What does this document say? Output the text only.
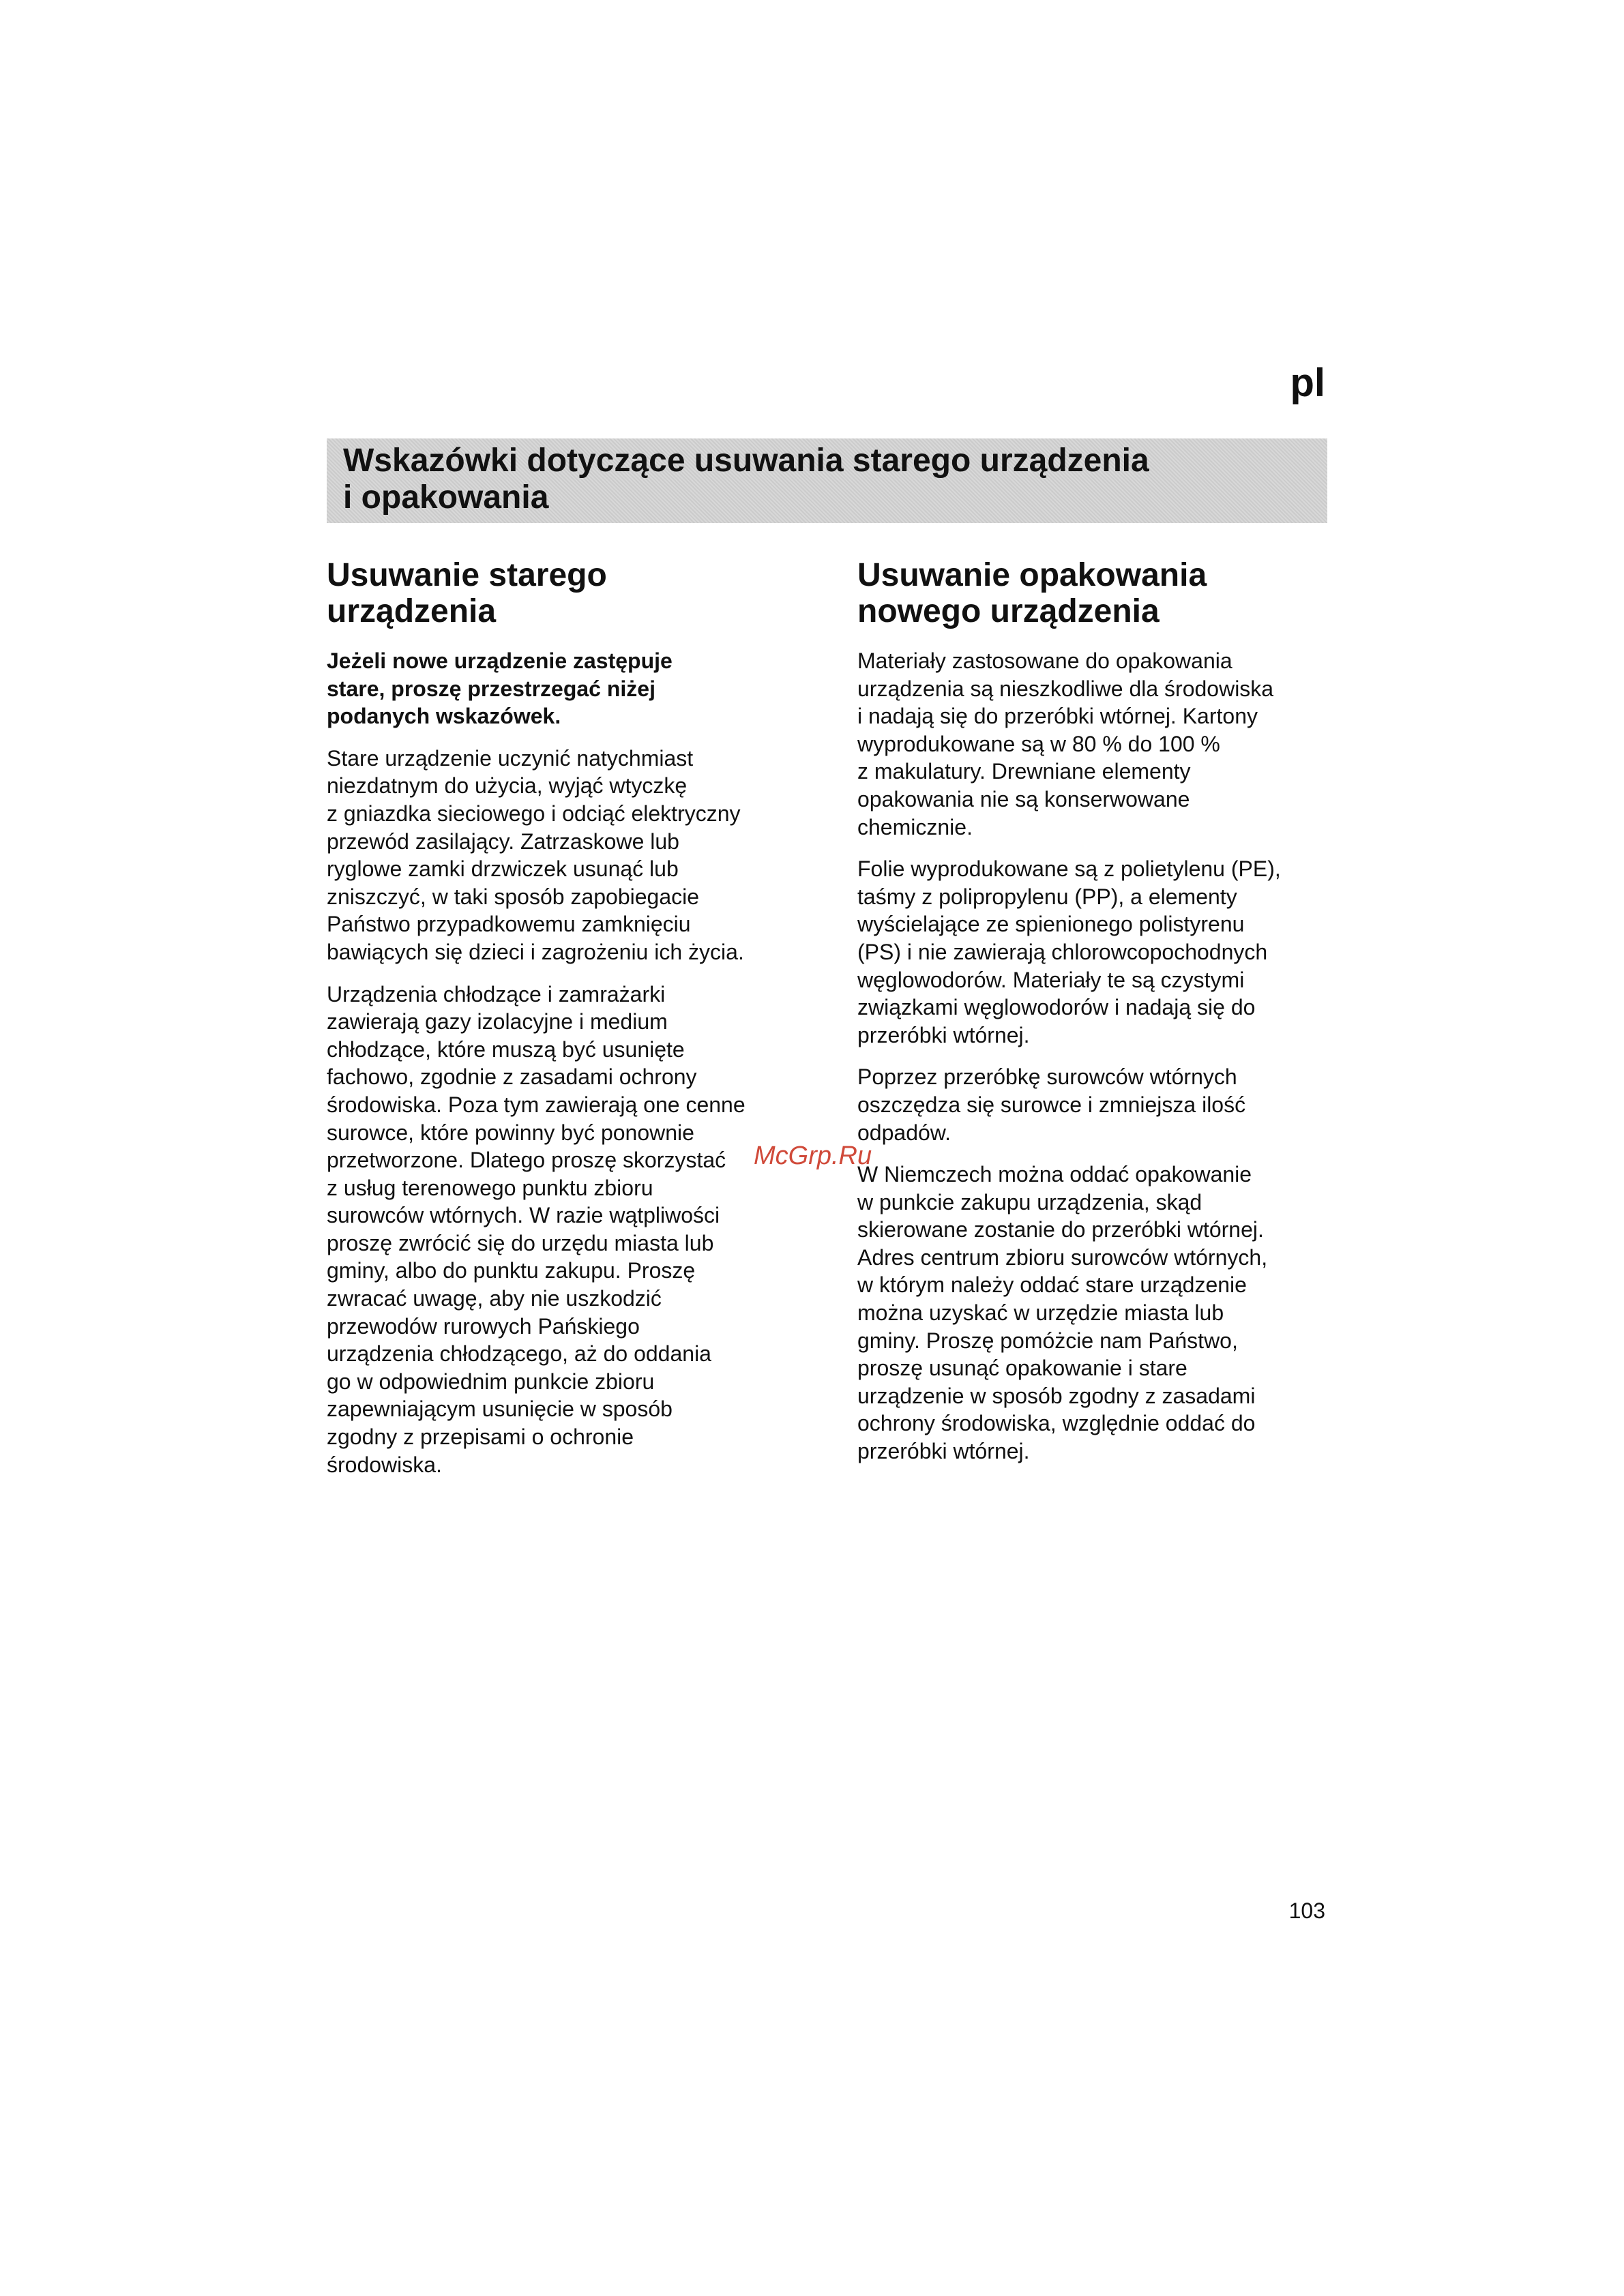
pl
Wskazówki dotyczące usuwania starego urządzenia
i opakowania
Usuwanie starego
urządzenia

Jeżeli nowe urządzenie zastępuje
stare, proszę przestrzegać niżej
podanych wskazówek.

Stare urządzenie uczynić natychmiast
niezdatnym do użycia, wyjąć wtyczkę
z gniazdka sieciowego i odciąć elektryczny
przewód zasilający. Zatrzaskowe lub
ryglowe zamki drzwiczek usunąć lub
zniszczyć, w taki sposób zapobiegacie
Państwo przypadkowemu zamknięciu
bawiących się dzieci i zagrożeniu ich życia.

Urządzenia chłodzące i zamrażarki
zawierają gazy izolacyjne i medium
chłodzące, które muszą być usunięte
fachowo, zgodnie z zasadami ochrony
środowiska. Poza tym zawierają one cenne
surowce, które powinny być ponownie
przetworzone. Dlatego proszę skorzystać
z usług terenowego punktu zbioru
surowców wtórnych. W razie wątpliwości
proszę zwrócić się do urzędu miasta lub
gminy, albo do punktu zakupu. Proszę
zwracać uwagę, aby nie uszkodzić
przewodów rurowych Pańskiego
urządzenia chłodzącego, aż do oddania
go w odpowiednim punkcie zbioru
zapewniającym usunięcie w sposób
zgodny z przepisami o ochronie
środowiska.

Usuwanie opakowania
nowego urządzenia

Materiały zastosowane do opakowania
urządzenia są nieszkodliwe dla środowiska
i nadają się do przeróbki wtórnej. Kartony
wyprodukowane są w 80 % do 100 %
z makulatury. Drewniane elementy
opakowania nie są konserwowane
chemicznie.

Folie wyprodukowane są z polietylenu (PE),
taśmy z polipropylenu (PP), a elementy
wyścielające ze spienionego polistyrenu
(PS) i nie zawierają chlorowcopochodnych
węglowodorów. Materiały te są czystymi
związkami węglowodorów i nadają się do
przeróbki wtórnej.

Poprzez przeróbkę surowców wtórnych
oszczędza się surowce i zmniejsza ilość
odpadów.

W Niemczech można oddać opakowanie
w punkcie zakupu urządzenia, skąd
skierowane zostanie do przeróbki wtórnej.
Adres centrum zbioru surowców wtórnych,
w którym należy oddać stare urządzenie
można uzyskać w urzędzie miasta lub
gminy. Proszę pomóżcie nam Państwo,
proszę usunąć opakowanie i stare
urządzenie w sposób zgodny z zasadami
ochrony środowiska, względnie oddać do
przeróbki wtórnej.

McGrp.Ru
103
